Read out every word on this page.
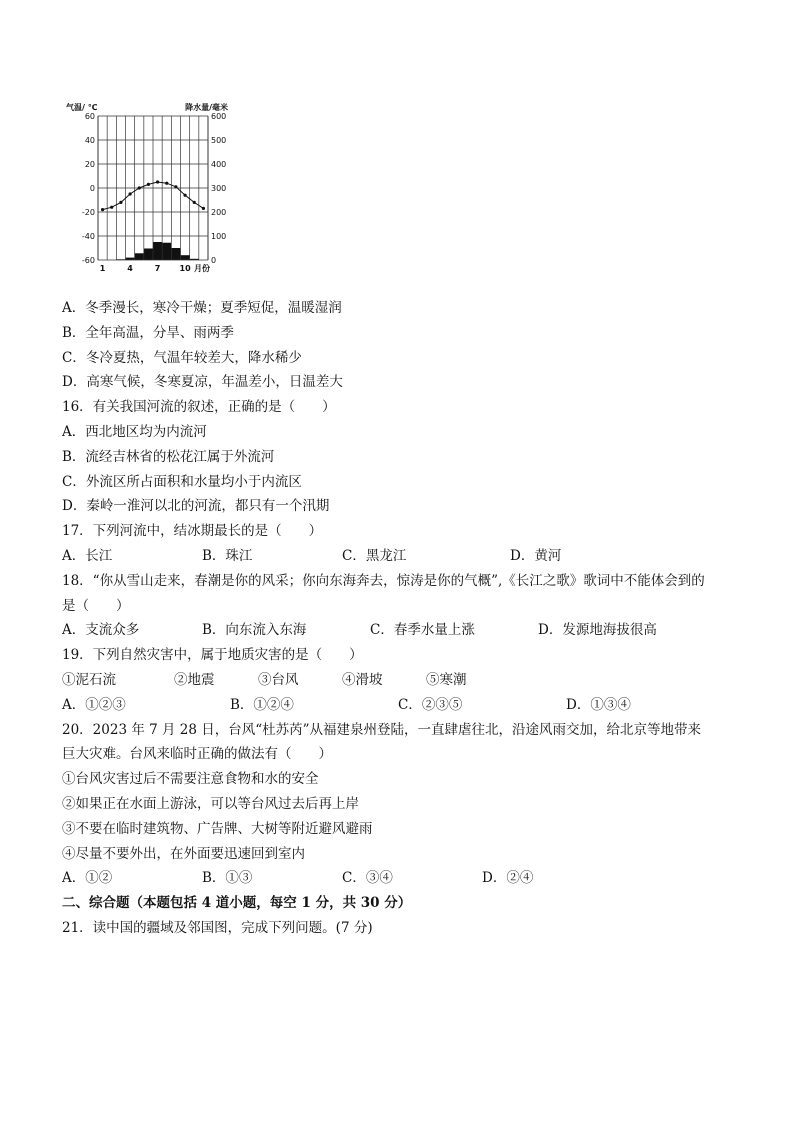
60	600
40	500
20	400
0	300
-20	200
-40	100
-60	0
1	4	7 10 月份
气温/ ℃	降水量/毫米
A．冬季漫长，寒冷干燥；夏季短促，温暖湿润
B．全年高温，分旱、雨两季
C．冬冷夏热，气温年较差大，降水稀少
D．高寒气候，冬寒夏凉，年温差小，日温差大
16．有关我国河流的叙述，正确的是（　　）
A．西北地区均为内流河
B．流经吉林省的松花江属于外流河
C．外流区所占面积和水量均小于内流区
D．秦岭一淮河以北的河流，都只有一个汛期
17．下列河流中，结冰期最长的是（　　）
A．长江	B．珠江	C．黑龙江	D．黄河
18．“你从雪山走来，春潮是你的风采；你向东海奔去，惊涛是你的气概”,《长江之歌》歌词中不能体会到的
是（　　）
A．支流众多	B．向东流入东海	C．春季水量上涨	D．发源地海拔很高
19．下列自然灾害中，属于地质灾害的是（　　）
①泥石流	②地震	③台风	④滑坡	⑤寒潮
A．①②③	B．①②④	C．②③⑤	D．①③④
20．2023 年 7 月 28 日，台风“杜苏芮”从福建泉州登陆，一直肆虐往北，沿途风雨交加，给北京等地带来
巨大灾难。台风来临时正确的做法有（　　）
①台风灾害过后不需要注意食物和水的安全
②如果正在水面上游泳，可以等台风过去后再上岸
③不要在临时建筑物、广告牌、大树等附近避风避雨
④尽量不要外出，在外面要迅速回到室内
A．①②	B．①③	C．③④	D．②④
二、综合题（本题包括 4 道小题，每空 1 分，共 30 分）
21．读中国的疆域及邻国图，完成下列问题。(7 分)
